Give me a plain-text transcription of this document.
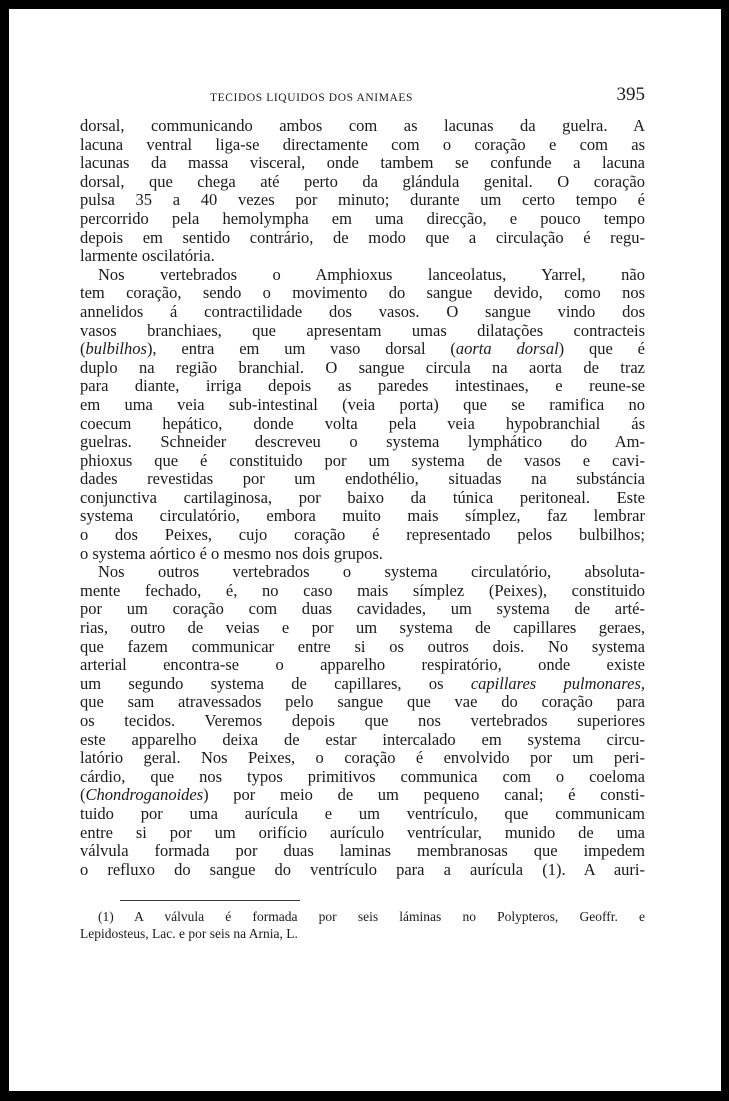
TECIDOS LIQUIDOS DOS ANIMAES	395
dorsal, communicando ambos com as lacunas da guelra. A
lacuna ventral liga-se directamente com o coração e com as
lacunas da massa visceral, onde tambem se confunde a lacuna
dorsal, que chega até perto da glándula genital. O coração
pulsa 35 a 40 vezes por minuto; durante um certo tempo é
percorrido pela hemolympha em uma direcção, e pouco tempo
depois em sentido contrário, de modo que a circulação é regu-
larmente oscilatória.
Nos vertebrados o Amphioxus lanceolatus, Yarrel, não
tem coração, sendo o movimento do sangue devido, como nos
annelidos á contractilidade dos vasos. O sangue vindo dos
vasos branchiaes, que apresentam umas dilatações contracteis
(bulbilhos), entra em um vaso dorsal (aorta dorsal) que é
duplo na região branchial. O sangue circula na aorta de traz
para diante, irriga depois as paredes intestinaes, e reune-se
em uma veia sub-intestinal (veia porta) que se ramifica no
coecum hepático, donde volta pela veia hypobranchial ás
guelras. Schneider descreveu o systema lymphático do Am-
phioxus que é constituido por um systema de vasos e cavi-
dades revestidas por um endothélio, situadas na substáncia
conjunctiva cartilaginosa, por baixo da túnica peritoneal. Este
systema circulatório, embora muito mais símplez, faz lembrar
o dos Peixes, cujo coração é representado pelos bulbilhos;
o systema aórtico é o mesmo nos dois grupos.
Nos outros vertebrados o systema circulatório, absoluta-
mente fechado, é, no caso mais símplez (Peixes), constituido
por um coração com duas cavidades, um systema de arté-
rias, outro de veias e por um systema de capillares geraes,
que fazem communicar entre si os outros dois. No systema
arterial encontra-se o apparelho respiratório, onde existe
um segundo systema de capillares, os capillares pulmonares,
que sam atravessados pelo sangue que vae do coração para
os tecidos. Veremos depois que nos vertebrados superiores
este apparelho deixa de estar intercalado em systema circu-
latório geral. Nos Peixes, o coração é envolvido por um peri-
cárdio, que nos typos primitivos communica com o coeloma
(Chondroganoides) por meio de um pequeno canal; é consti-
tuido por uma aurícula e um ventrículo, que communicam
entre si por um orifício aurículo ventrícular, munido de uma
válvula formada por duas laminas membranosas que impedem
o refluxo do sangue do ventrículo para a aurícula (1). A auri-
(1) A válvula é formada por seis láminas no Polypteros, Geoffr. e
Lepidosteus, Lac. e por seis na Arnia, L.
